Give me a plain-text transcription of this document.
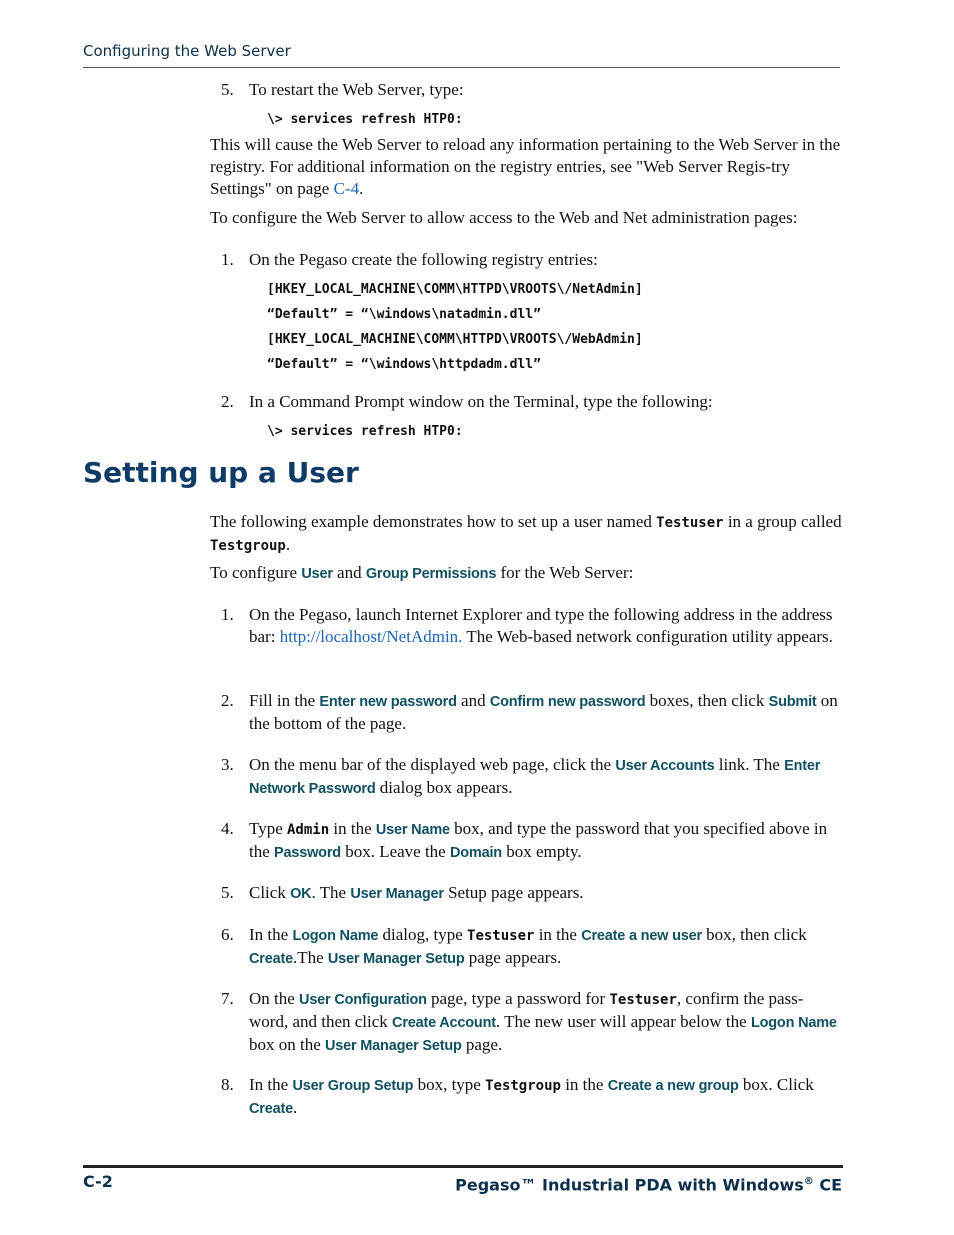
Configuring the Web Server
5. To restart the Web Server, type:
\> services refresh HTP0:

This will cause the Web Server to reload any information pertaining to the Web Server in the registry. For additional information on the registry entries, see "Web Server Regis-try Settings" on page C-4.

To configure the Web Server to allow access to the Web and Net administration pages:

1. On the Pegaso create the following registry entries:
[HKEY_LOCAL_MACHINE\COMM\HTTPD\VROOTS\/NetAdmin]
“Default” = “\windows\natadmin.dll”
[HKEY_LOCAL_MACHINE\COMM\HTTPD\VROOTS\/WebAdmin]
“Default” = “\windows\httpdadm.dll”
2. In a Command Prompt window on the Terminal, type the following:
\> services refresh HTP0:
Setting up a User

The following example demonstrates how to set up a user named Testuser in a group called Testgroup.

To configure User and Group Permissions for the Web Server:

1. On the Pegaso, launch Internet Explorer and type the following address in the address bar: http://localhost/NetAdmin. The Web-based network configuration utility appears.
2. Fill in the Enter new password and Confirm new password boxes, then click Submit on the bottom of the page.
3. On the menu bar of the displayed web page, click the User Accounts link. The Enter Network Password dialog box appears.
4. Type Admin in the User Name box, and type the password that you specified above in the Password box. Leave the Domain box empty.
5. Click OK. The User Manager Setup page appears.
6. In the Logon Name dialog, type Testuser in the Create a new user box, then click Create.The User Manager Setup page appears.
7. On the User Configuration page, type a password for Testuser, confirm the pass-word, and then click Create Account. The new user will appear below the Logon Name box on the User Manager Setup page.
8. In the User Group Setup box, type Testgroup in the Create a new group box. Click Create.
C-2	Pegaso™ Industrial PDA with Windows® CE
